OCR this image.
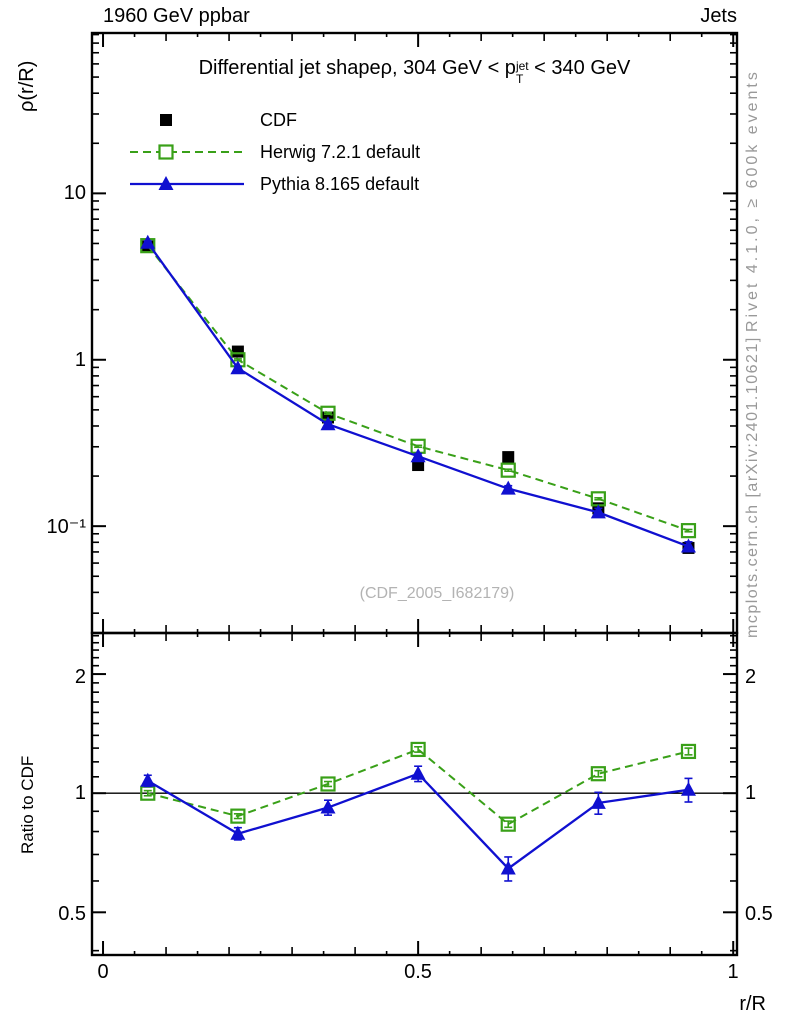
1960 GeV ppbar	Jets
Differential jet shapeρ, 304 GeV < p jet
T < 340 GeV
CDF
Herwig 7.2.1 default
Pythia 8.165 default
10
1
10⁻¹
2
1
0.5
2
1
0.5
0	0.5	1
ρ(r/R)
Ratio to CDF
r/R
Rivet 4.1.0, ≥ 600k events
mcplots.cern.ch [arXiv:2401.10621]
(CDF_2005_I682179)
